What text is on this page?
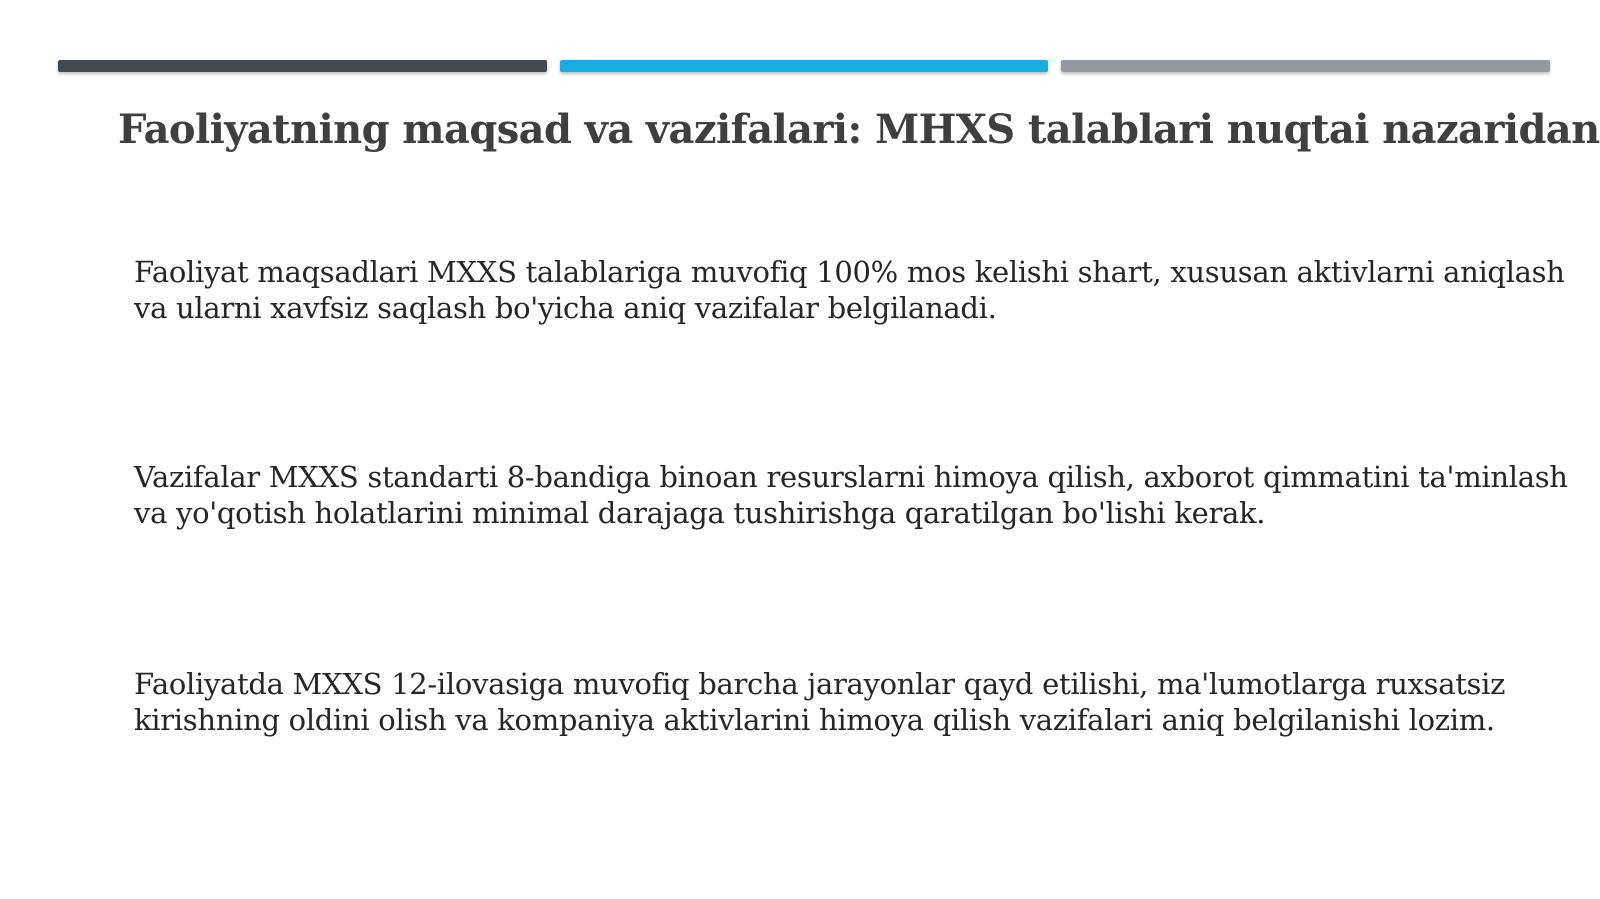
Faoliyatning maqsad va vazifalari: MHXS talablari nuqtai nazaridan

Faoliyat maqsadlari MXXS talablariga muvofiq 100% mos kelishi shart, xususan aktivlarni aniqlash va ularni xavfsiz saqlash bo'yicha aniq vazifalar belgilanadi.

Vazifalar MXXS standarti 8-bandiga binoan resurslarni himoya qilish, axborot qimmatini ta'minlash va yo'qotish holatlarini minimal darajaga tushirishga qaratilgan bo'lishi kerak.

Faoliyatda MXXS 12-ilovasiga muvofiq barcha jarayonlar qayd etilishi, ma'lumotlarga ruxsatsiz kirishning oldini olish va kompaniya aktivlarini himoya qilish vazifalari aniq belgilanishi lozim.
